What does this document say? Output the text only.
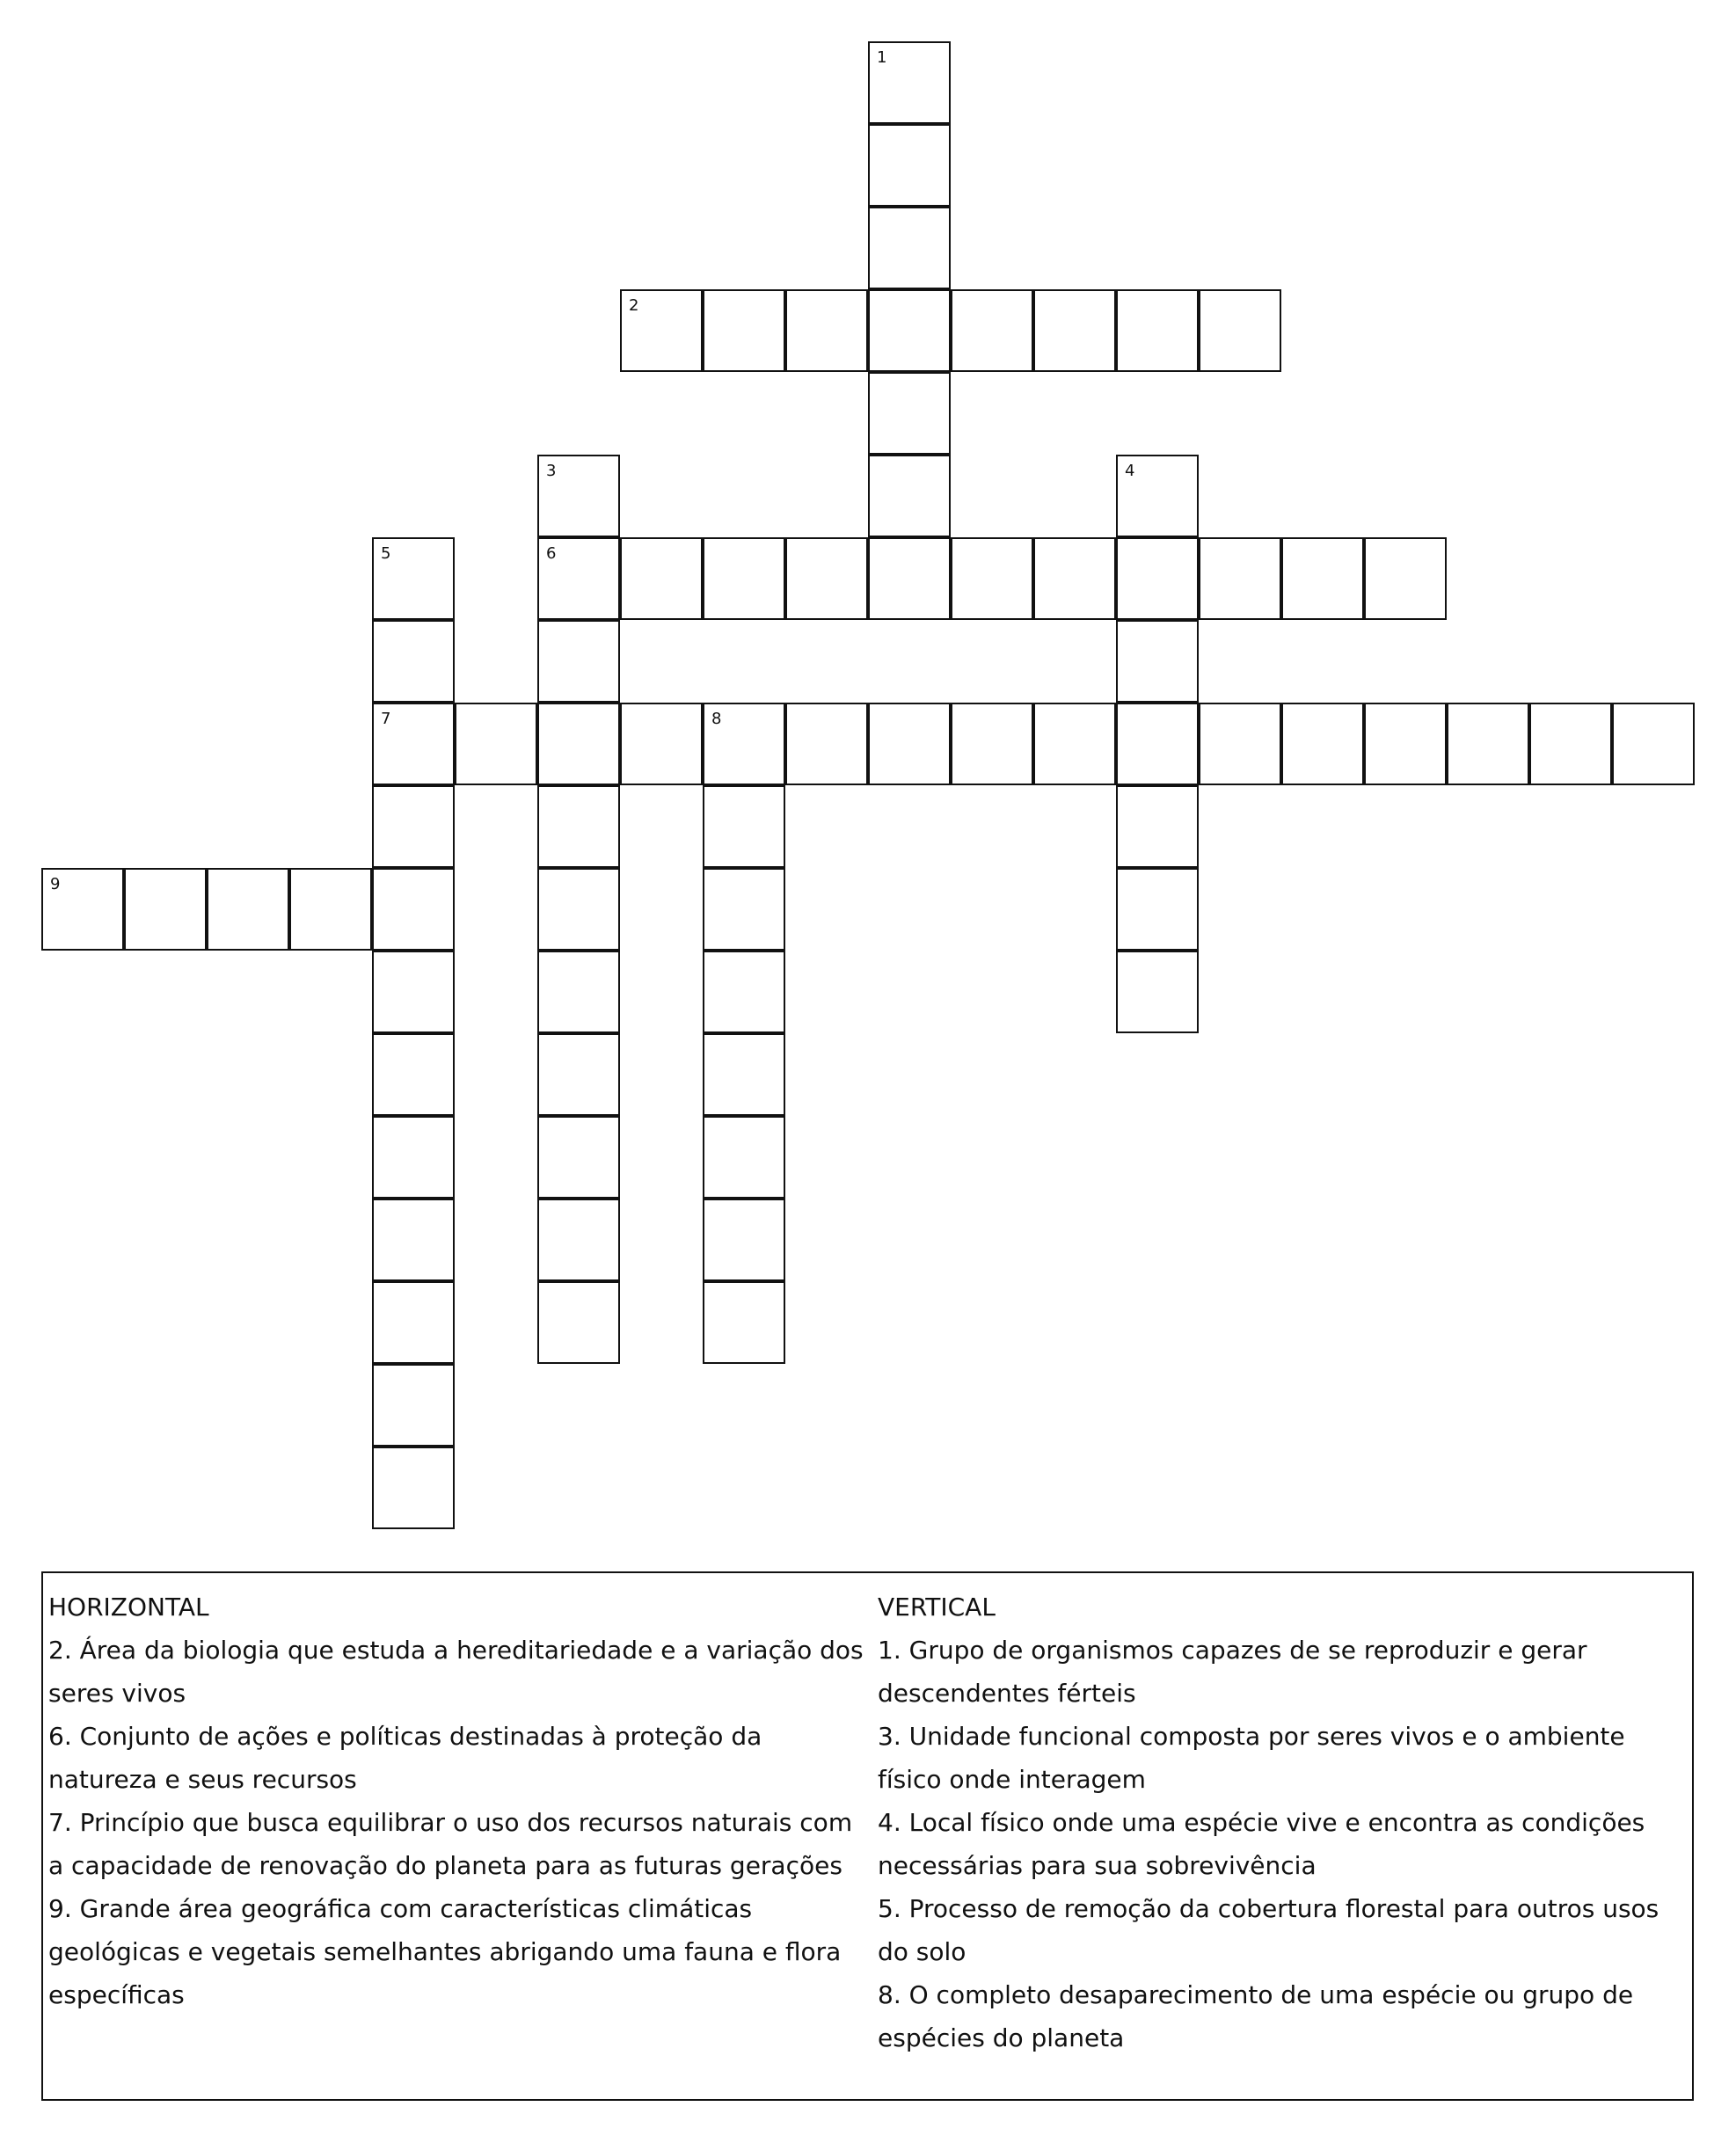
1
2
3
6
4
5
7	8
9

HORIZONTAL

2. Área da biologia que estuda a hereditariedade e a variação dos seres vivos

6. Conjunto de ações e políticas destinadas à proteção da natureza e seus recursos

7. Princípio que busca equilibrar o uso dos recursos naturais com a capacidade de renovação do planeta para as futuras gerações

9. Grande área geográfica com características climáticas geológicas e vegetais semelhantes abrigando uma fauna e flora específicas

VERTICAL

1. Grupo de organismos capazes de se reproduzir e gerar descendentes férteis

3. Unidade funcional composta por seres vivos e o ambiente físico onde interagem

4. Local físico onde uma espécie vive e encontra as condições necessárias para sua sobrevivência

5. Processo de remoção da cobertura florestal para outros usos do solo

8. O completo desaparecimento de uma espécie ou grupo de espécies do planeta
